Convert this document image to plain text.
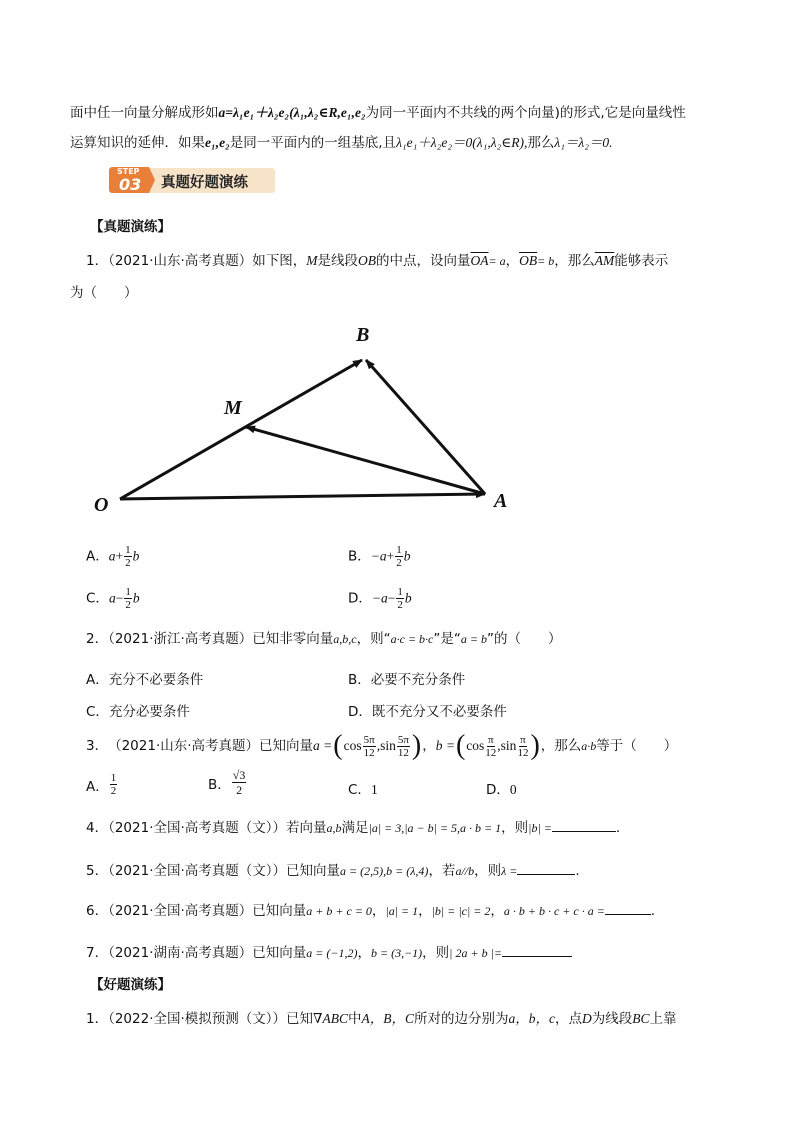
面中任一向量分解成形如a=λ₁e₁＋λ₂e₂(λ₁,λ₂∈R,e₁,e₂为同一平面内不共线的两个向量)的形式,它是向量线性
运算知识的延伸．如果e₁,e₂是同一平面内的一组基底,且λ₁e₁＋λ₂e₂＝0(λ₁,λ₂∈R),那么λ₁＝λ₂＝0.
STEP
03 真题好题演练
【真题演练】
1．（2021·山东·高考真题）如下图，M是线段OB的中点，设向量$\overline{OA}= a$，$\overline{OB}= b$，那么$\overline{AM}$能够表示
为（　　）
B
M
O	A
A．$a+ \frac{1}{2}$ b	B．$-a+ \frac{1}{2}$ b
C．$a- \frac{1}{2}$ b	D．$-a- \frac{1}{2}$ b
2．（2021·浙江·高考真题）已知非零向量a,b,c，则“a·c = b·c”是“a = b”的（　　）
A．充分不必要条件	B．必要不充分条件
C．充分必要条件	D．既不充分又不必要条件
3． （2021·山东·高考真题） 已知向量 a = ( $\cos \frac{5\pi}{12}$ , $\sin \frac{5\pi}{12}$ ) ， b = ( $\cos \frac{\pi}{12}$ , $\sin \frac{\pi}{12}$ ) ，那么 a·b 等于（　　）
A． $\frac{1}{2}$	B． $\frac{√3}{2}$	C．1	D．0
4．（2021·全国·高考真题（文））若向量a,b满足|a| = 3,|a − b| = 5,a · b = 1，则|b| =	.
5．（2021·全国·高考真题（文））已知向量a = (2,5),b = (λ,4)，若a//b，则λ =	.
6．（2021·全国·高考真题）已知向量a + b + c = 0，|a| = 1，|b| = |c| = 2，a · b + b · c + c · a =	.
7．（2021·湖南·高考真题）已知向量a = (−1,2)，b = (3,−1)，则| 2a + b |=
【好题演练】
1．（2022·全国·模拟预测（文））已知∇ABC中A，B，C所对的边分别为a，b，c，点D为线段BC上靠
